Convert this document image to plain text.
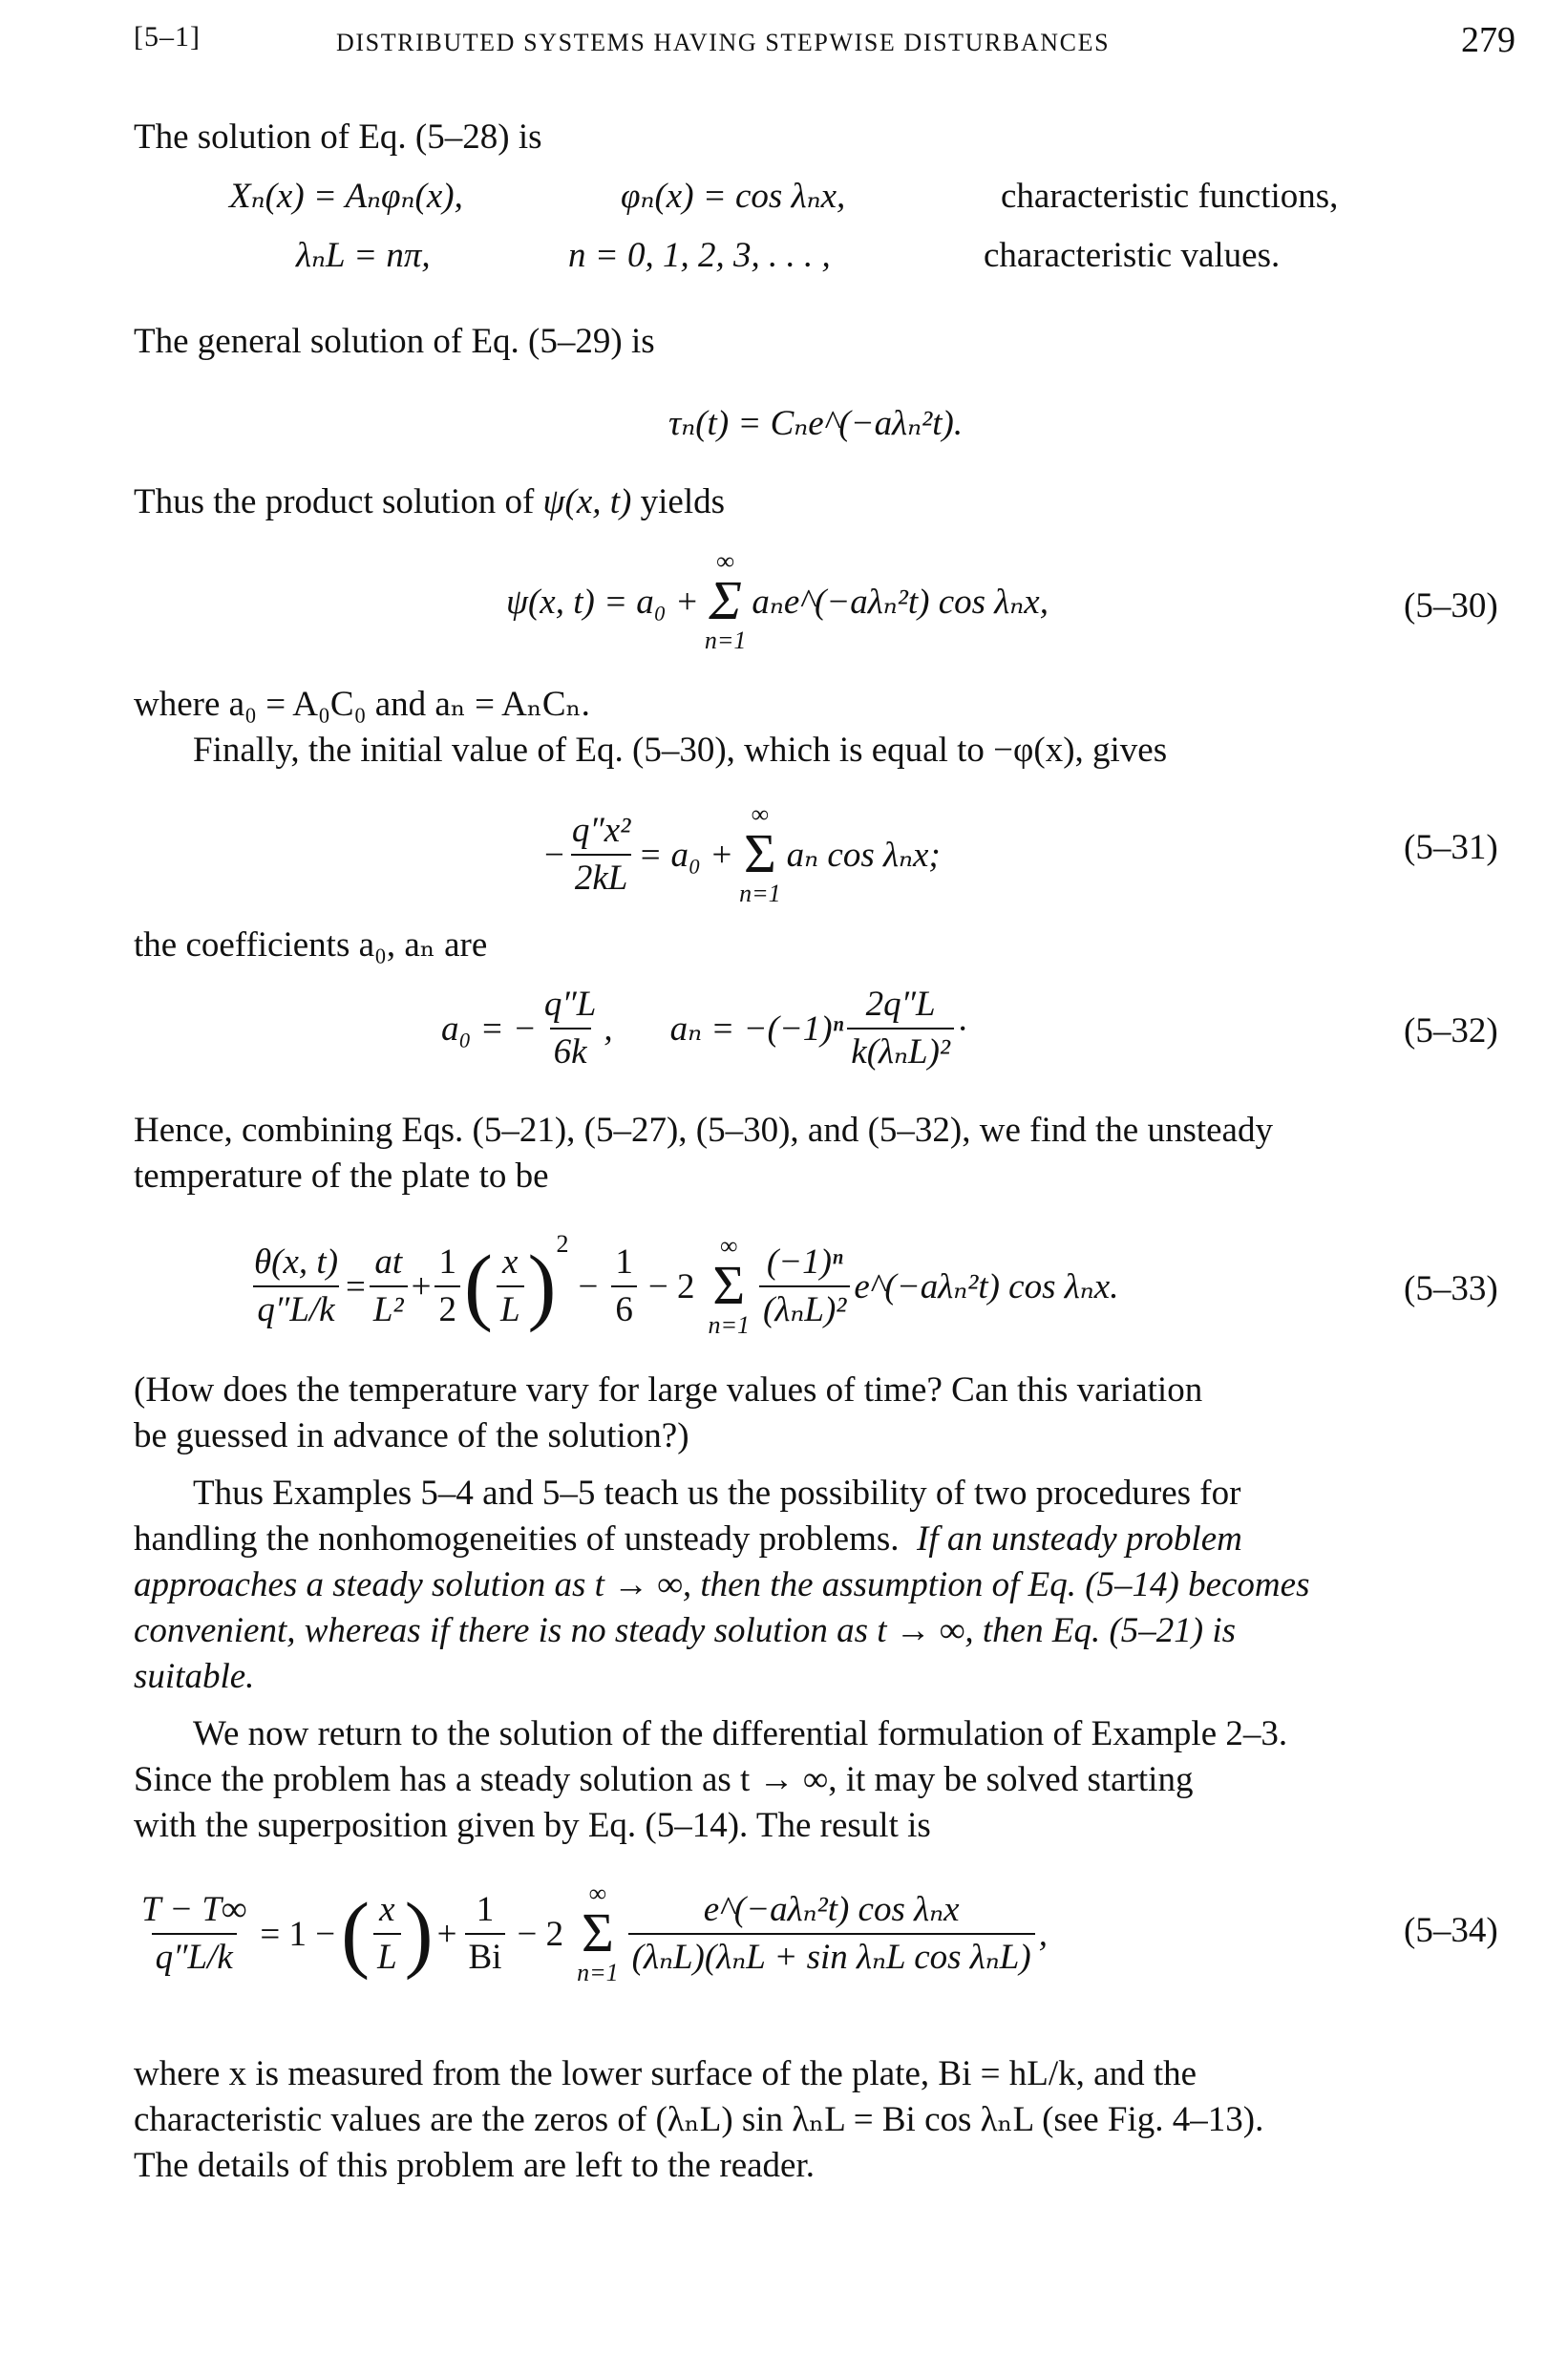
[5–1]	DISTRIBUTED SYSTEMS HAVING STEPWISE DISTURBANCES	279
The solution of Eq. (5–28) is
Xₙ(x) = Aₙφₙ(x),	φₙ(x) = cos λₙx,	characteristic functions,
λₙL = nπ,	n = 0, 1, 2, 3, . . . ,	characteristic values.
The general solution of Eq. (5–29) is
τₙ(t) = Cₙe^(−aλₙ²t).
Thus the product solution of ψ(x, t) yields
ψ(x, t) = a₀ +
∞
Σ
n=1
aₙe^(−aλₙ²t) cos λₙx,	(5–30)
where a₀ = A₀C₀ and aₙ = AₙCₙ.
Finally, the initial value of Eq. (5–30), which is equal to −φ(x), gives
− $\frac{\text{q″x²}}{2kL} = a_0$ +
∞
Σ
n=1
aₙ cos λₙx;	(5–31)
the coefficients a₀, aₙ are
a₀ = − $\frac{q''L}{6k}$ , $a_n = -(-1)^n \frac{2q''L}{\text{k(λₙL)²}}$ ·	(5–32)
Hence, combining Eqs. (5–21), (5–27), (5–30), and (5–32), we find the unsteady
temperature of the plate to be
$\frac{\theta(x, t)}{q''L/k} = \frac{at}{\text{L²}} + \frac{1}{2}$ ( $\frac{x}{L}$ ) 2
− $\frac{1}{6} - 2$
∞
Σ
$n=1 \frac{\text{(−1)ⁿ}}{\text{(λₙL)²}}$ e^(−aλₙ²t) cos λₙx.	(5–33)
(How does the temperature vary for large values of time? Can this variation
be guessed in advance of the solution?)
Thus Examples 5–4 and 5–5 teach us the possibility of two procedures for
handling the nonhomogeneities of unsteady problems. If an unsteady problem
approaches a steady solution as t → ∞, then the assumption of Eq. (5–14) becomes
convenient, whereas if there is no steady solution as t → ∞, then Eq. (5–21) is
suitable.
We now return to the solution of the differential formulation of Example 2–3.
Since the problem has a steady solution as t → ∞, it may be solved starting
with the superposition given by Eq. (5–14). The result is
$\frac{T - T\infty}{q''L/k} = 1$ − ( $\frac{x}{L}$ ) + $\frac{1}{Bi} - 2$
∞
Σ
$n=1 \frac{\text{e\textasciicircum{}(−aλₙ²t) cos λₙx}}{\text{(λₙL)(λₙL + sin λₙL cos λₙL)}}$ ,	(5–34)
where x is measured from the lower surface of the plate, Bi = hL/k, and the
characteristic values are the zeros of (λₙL) sin λₙL = Bi cos λₙL (see Fig. 4–13).
The details of this problem are left to the reader.
